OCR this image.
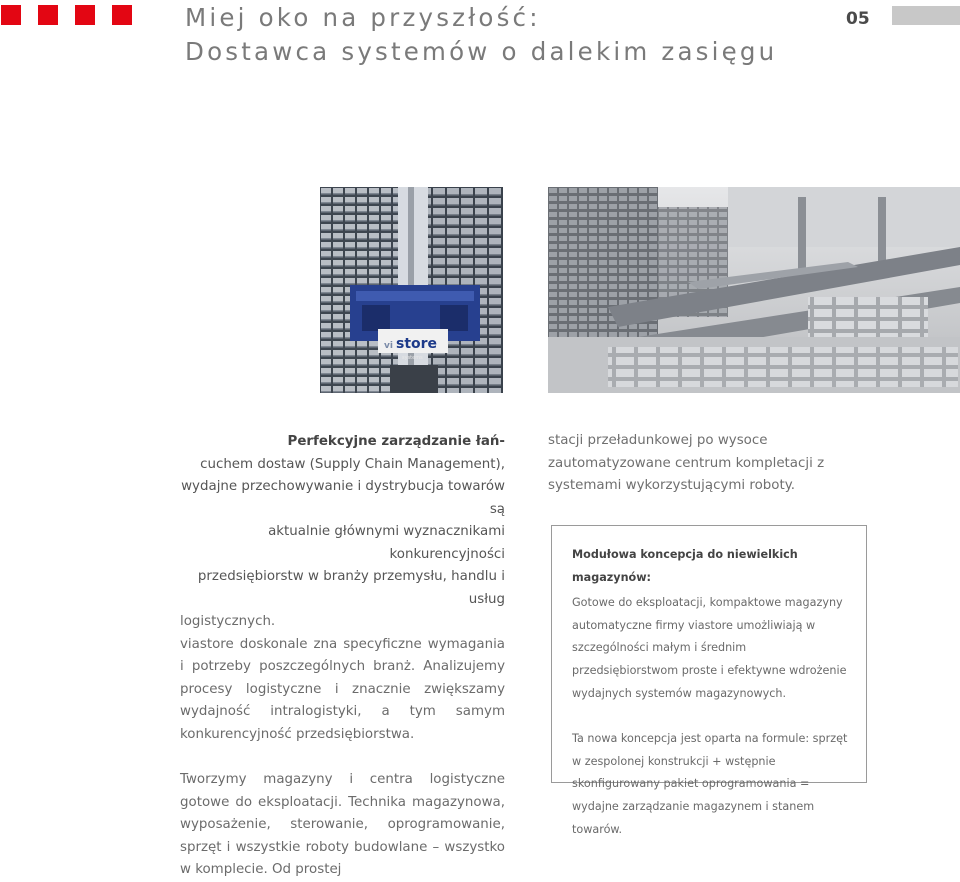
Miej oko na przyszłość:
Dostawca systemów o dalekim zasięgu
05
vi store
systems

Perfekcyjne zarządzanie łań-

cuchem dostaw (Supply Chain Management),

wydajne przechowywanie i dystrybucja towarów są

aktualnie głównymi wyznacznikami konkurencyjności

przedsiębiorstw w branży przemysłu, handlu i usług

logistycznych.

viastore doskonale zna specyficzne wymagania i potrzeby poszczególnych branż. Analizujemy procesy logistyczne i znacznie zwiększamy wydajność intralogistyki, a tym samym konkurencyjność przedsiębiorstwa.

Tworzymy magazyny i centra logistyczne gotowe do eksploatacji. Technika magazynowa, wyposażenie, sterowanie, oprogramowanie, sprzęt i wszystkie roboty budowlane – wszystko w komplecie. Od prostej

stacji przeładunkowej po wysoce zautomatyzowane centrum kompletacji z systemami wykorzystującymi roboty.

Modułowa koncepcja do niewielkich magazynów:

Gotowe do eksploatacji, kompaktowe magazyny automatyczne firmy viastore umożliwiają w szczególności małym i średnim przedsiębiorstwom proste i efektywne wdrożenie wydajnych systemów magazynowych.

Ta nowa koncepcja jest oparta na formule: sprzęt w zespolonej konstrukcji + wstępnie skonfigurowany pakiet oprogramowania = wydajne zarządzanie magazynem i stanem towarów.
